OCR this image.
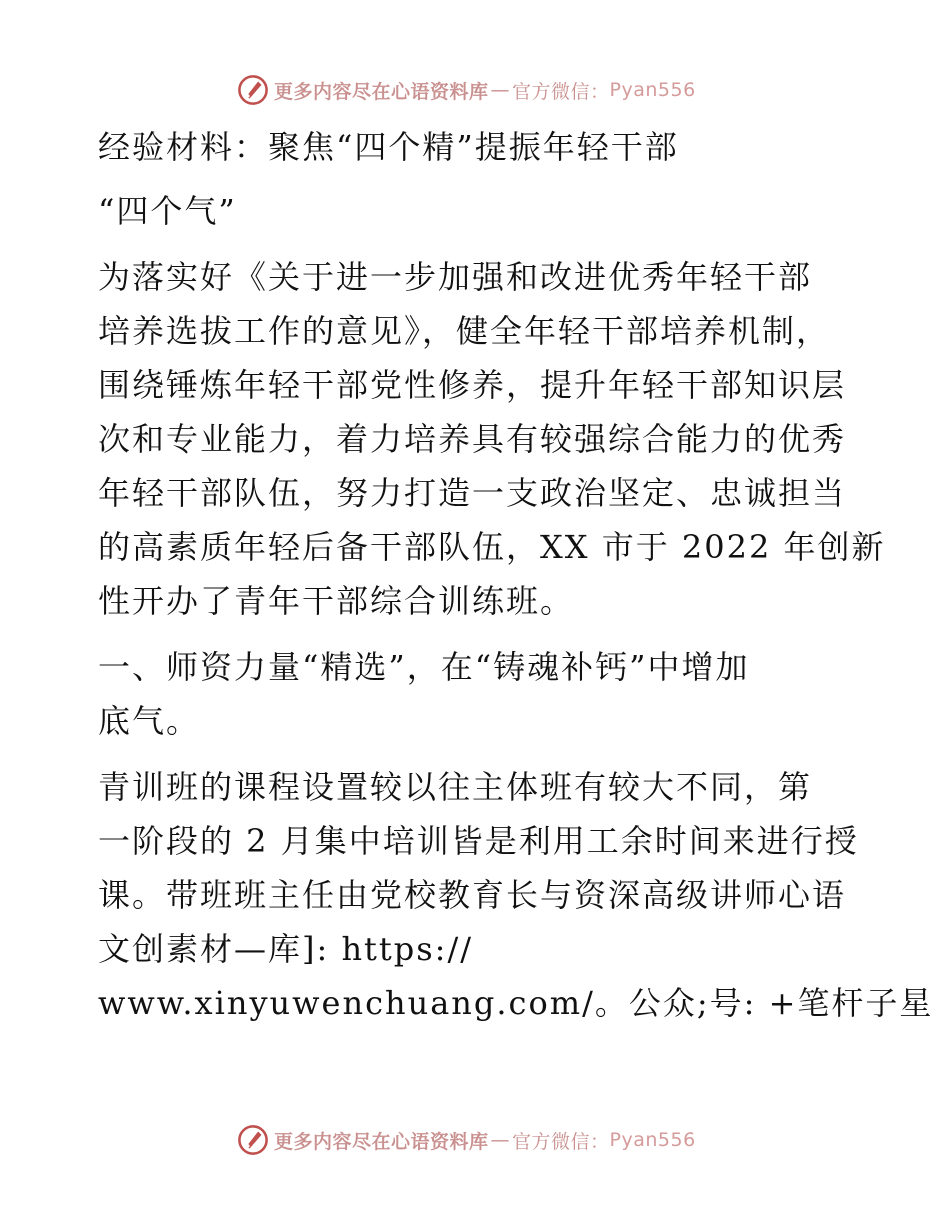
更多内容尽在心语资料库 — 官方微信： Pyan556
经验材料：聚焦“四个精”提振年轻干部
“四个气”
为落实好《关于进一步加强和改进优秀年轻干部
培养选拔工作的意见》，健全年轻干部培养机制，
围绕锤炼年轻干部党性修养，提升年轻干部知识层
次和专业能力，着力培养具有较强综合能力的优秀
年轻干部队伍，努力打造一支政治坚定、忠诚担当
的高素质年轻后备干部队伍，XX 市于 2022 年创新
性开办了青年干部综合训练班。
一、师资力量“精选”，在“铸魂补钙”中增加
底气。
青训班的课程设置较以往主体班有较大不同，第
一阶段的 2 月集中培训皆是利用工余时间来进行授
课。带班班主任由党校教育长与资深高级讲师心语
文创素材—库]: https://
www.xinyuwenchuang.com/。公众;号: +笔杆子星
更多内容尽在心语资料库 — 官方微信： Pyan556
